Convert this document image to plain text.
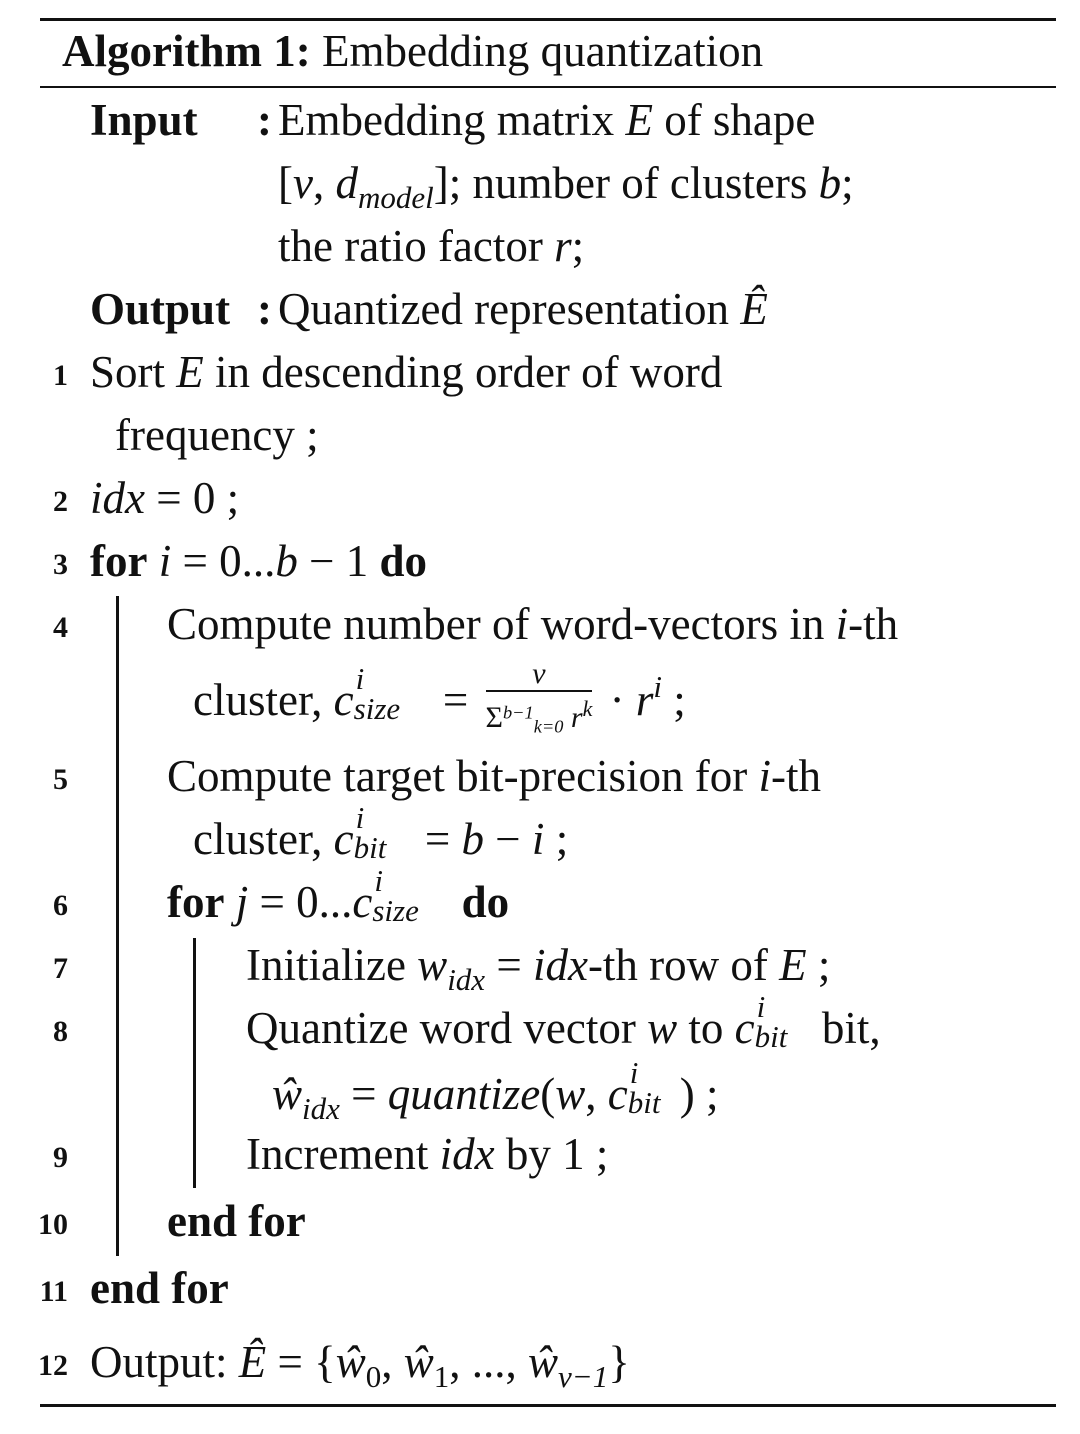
Algorithm 1: Embedding quantization
Input : Embedding matrix E of shape
[v, $d_{model}$]; number of clusters b;
the ratio factor r;
Output : Quantized representation Ê
1 Sort E in descending order of word
frequency ;
2 idx = 0 ;
3 for i = 0...b − 1 do
4 Compute number of word-vectors in i-th
cluster, c i
size = $\frac{v}{\Sigma^{b-1}_{k=0} r^k} \cdot r^i$ ;
5 Compute target bit-precision for i-th
cluster, c i
bit = b − i ;
6 for j = 0...c i
size do
7	Initialize $w_{idx} = idx-th$ row of E ;
8	Quantize word vector w to c i
bit bit,
$ŵ_{idx}$ = quantize(w, c i
bit ) ;
9	Increment idx by 1 ;
10 end for
11 end for
12 Output: Ê = {$ŵ_0$, $ŵ_1$, ..., $ŵ_{v-1}$}
